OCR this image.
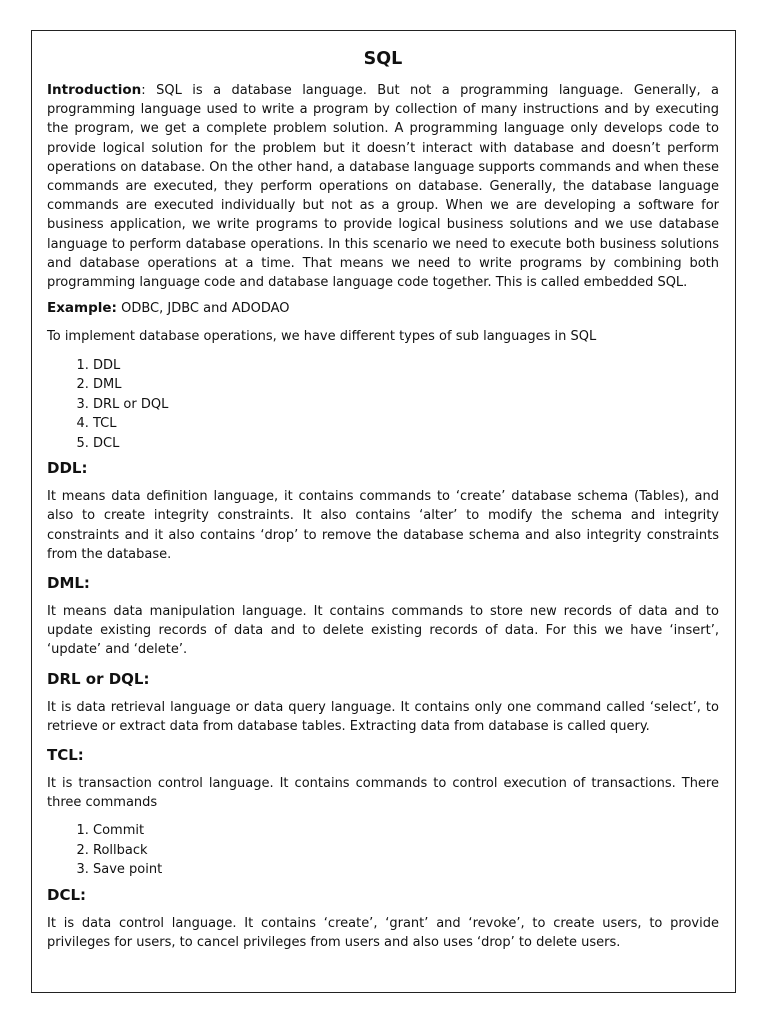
SQL

Introduction: SQL is a database language. But not a programming language. Generally, a programming language used to write a program by collection of many instructions and by executing the program, we get a complete problem solution. A programming language only develops code to provide logical solution for the problem but it doesn’t interact with database and doesn’t perform operations on database. On the other hand, a database language supports commands and when these commands are executed, they perform operations on database. Generally, the database language commands are executed individually but not as a group. When we are developing a software for business application, we write programs to provide logical business solutions and we use database language to perform database operations. In this scenario we need to execute both business solutions and database operations at a time. That means we need to write programs by combining both programming language code and database language code together. This is called embedded SQL.

Example: ODBC, JDBC and ADODAO

To implement database operations, we have different types of sub languages in SQL

1. DDL
2. DML
3. DRL or DQL
4. TCL
5. DCL
DDL:

It means data definition language, it contains commands to ‘create’ database schema (Tables), and also to create integrity constraints. It also contains ‘alter’ to modify the schema and integrity constraints and it also contains ‘drop’ to remove the database schema and also integrity constraints from the database.

DML:

It means data manipulation language. It contains commands to store new records of data and to update existing records of data and to delete existing records of data. For this we have ‘insert’, ‘update’ and ‘delete’.

DRL or DQL:

It is data retrieval language or data query language. It contains only one command called ‘select’, to retrieve or extract data from database tables. Extracting data from database is called query.

TCL:

It is transaction control language. It contains commands to control execution of transactions. There three commands

1. Commit
2. Rollback
3. Save point
DCL:

It is data control language. It contains ‘create’, ‘grant’ and ‘revoke’, to create users, to provide privileges for users, to cancel privileges from users and also uses ‘drop’ to delete users.
